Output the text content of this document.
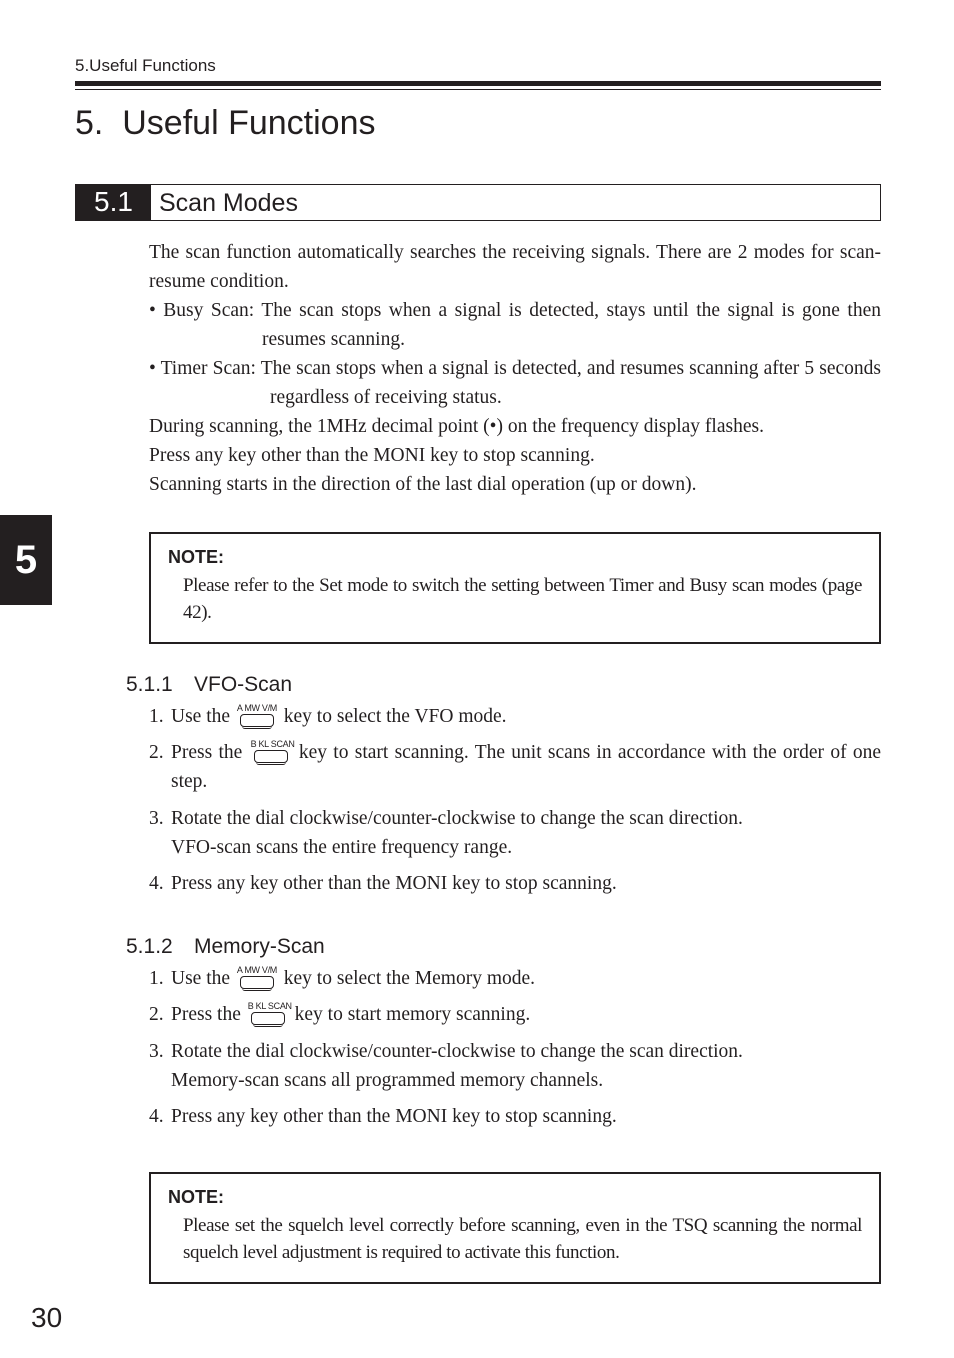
5.Useful Functions
5.  Useful Functions
5.1	Scan Modes

The scan function automatically searches the receiving signals. There are 2 modes for scan-resume condition.

• Busy Scan: The scan stops when a signal is detected, stays until the signal is gone then resumes scanning.
• Timer Scan: The scan stops when a signal is detected, and resumes scanning after 5 seconds regardless of receiving status.

During scanning, the 1MHz decimal point (•) on the frequency display flashes.

Press any key other than the MONI key to stop scanning.

Scanning starts in the direction of the last dial operation (up or down).

5	NOTE:
Please refer to the Set mode to switch the setting between Timer and Busy scan modes (page 42).
5.1.1 VFO-Scan
1. Use the A MW V/M key to select the VFO mode.
2. Press the B KL SCAN key to start scanning. The unit scans in accordance with the order of one step.
3. Rotate the dial clockwise/counter-clockwise to change the scan direction.
VFO-scan scans the entire frequency range.
4. Press any key other than the MONI key to stop scanning.
5.1.2 Memory-Scan
1. Use the A MW V/M key to select the Memory mode.
2. Press the B KL SCAN key to start memory scanning.
3. Rotate the dial clockwise/counter-clockwise to change the scan direction.
Memory-scan scans all programmed memory channels.
4. Press any key other than the MONI key to stop scanning.
NOTE:
Please set the squelch level correctly before scanning, even in the TSQ scanning the normal squelch level adjustment is required to activate this function.
30
